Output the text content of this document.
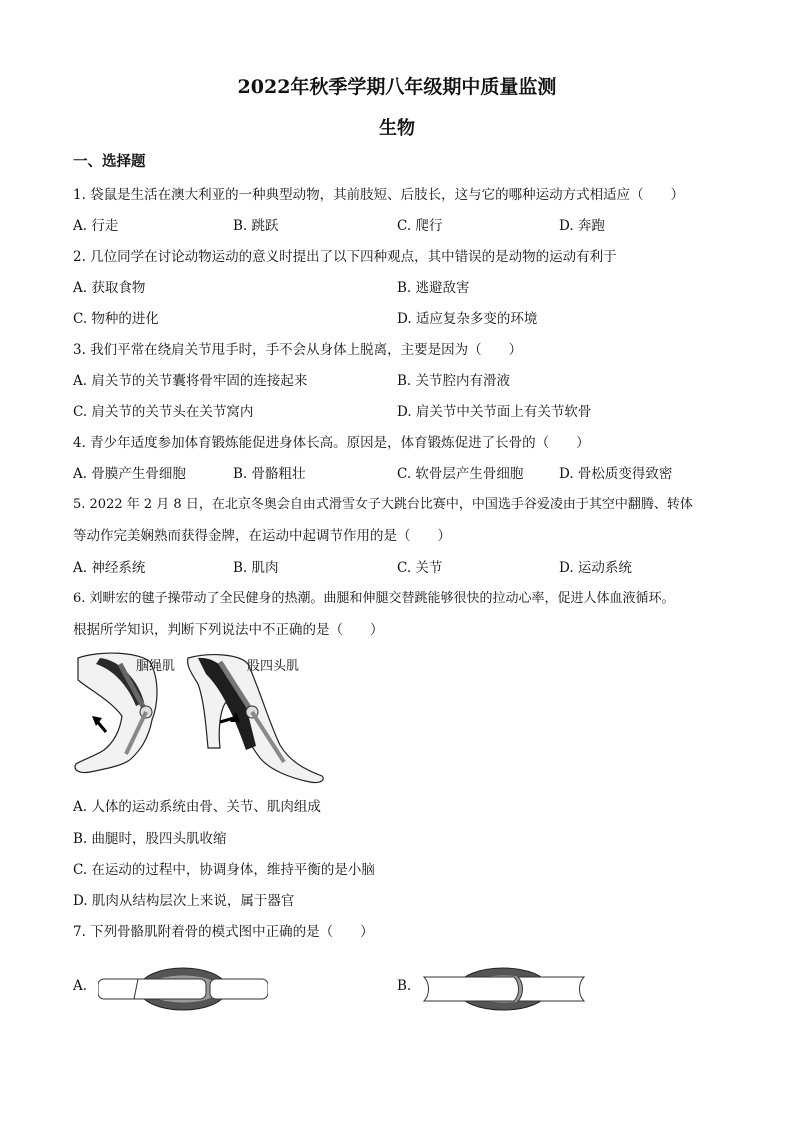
2022年秋季学期八年级期中质量监测
生物
一、选择题
1. 袋鼠是生活在澳大利亚的一种典型动物，其前肢短、后肢长，这与它的哪种运动方式相适应（　　）
A. 行走	B. 跳跃	C. 爬行	D. 奔跑
2. 几位同学在讨论动物运动的意义时提出了以下四种观点，其中错误的是动物的运动有利于
A. 获取食物	B. 逃避敌害
C. 物种的进化	D. 适应复杂多变的环境
3. 我们平常在绕肩关节甩手时，手不会从身体上脱离，主要是因为（　　）
A. 肩关节的关节囊将骨牢固的连接起来	B. 关节腔内有滑液
C. 肩关节的关节头在关节窝内	D. 肩关节中关节面上有关节软骨
4. 青少年适度参加体育锻炼能促进身体长高。原因是，体育锻炼促进了长骨的（　　）
A. 骨膜产生骨细胞	B. 骨骼粗壮	C. 软骨层产生骨细胞	D. 骨松质变得致密
5. 2022 年 2 月 8 日，在北京冬奥会自由式滑雪女子大跳台比赛中，中国选手谷爱凌由于其空中翻腾、转体
等动作完美娴熟而获得金牌，在运动中起调节作用的是（　　）
A. 神经系统	B. 肌肉	C. 关节	D. 运动系统
6. 刘畊宏的毽子操带动了全民健身的热潮。曲腿和伸腿交替跳能够很快的拉动心率，促进人体血液循环。
根据所学知识，判断下列说法中不正确的是（　　）
腘绳肌	股四头肌
A. 人体的运动系统由骨、关节、肌肉组成
B. 曲腿时，股四头肌收缩
C. 在运动的过程中，协调身体，维持平衡的是小脑
D. 肌肉从结构层次上来说，属于器官
7. 下列骨骼肌附着骨的模式图中正确的是（　　）
A.	B.
